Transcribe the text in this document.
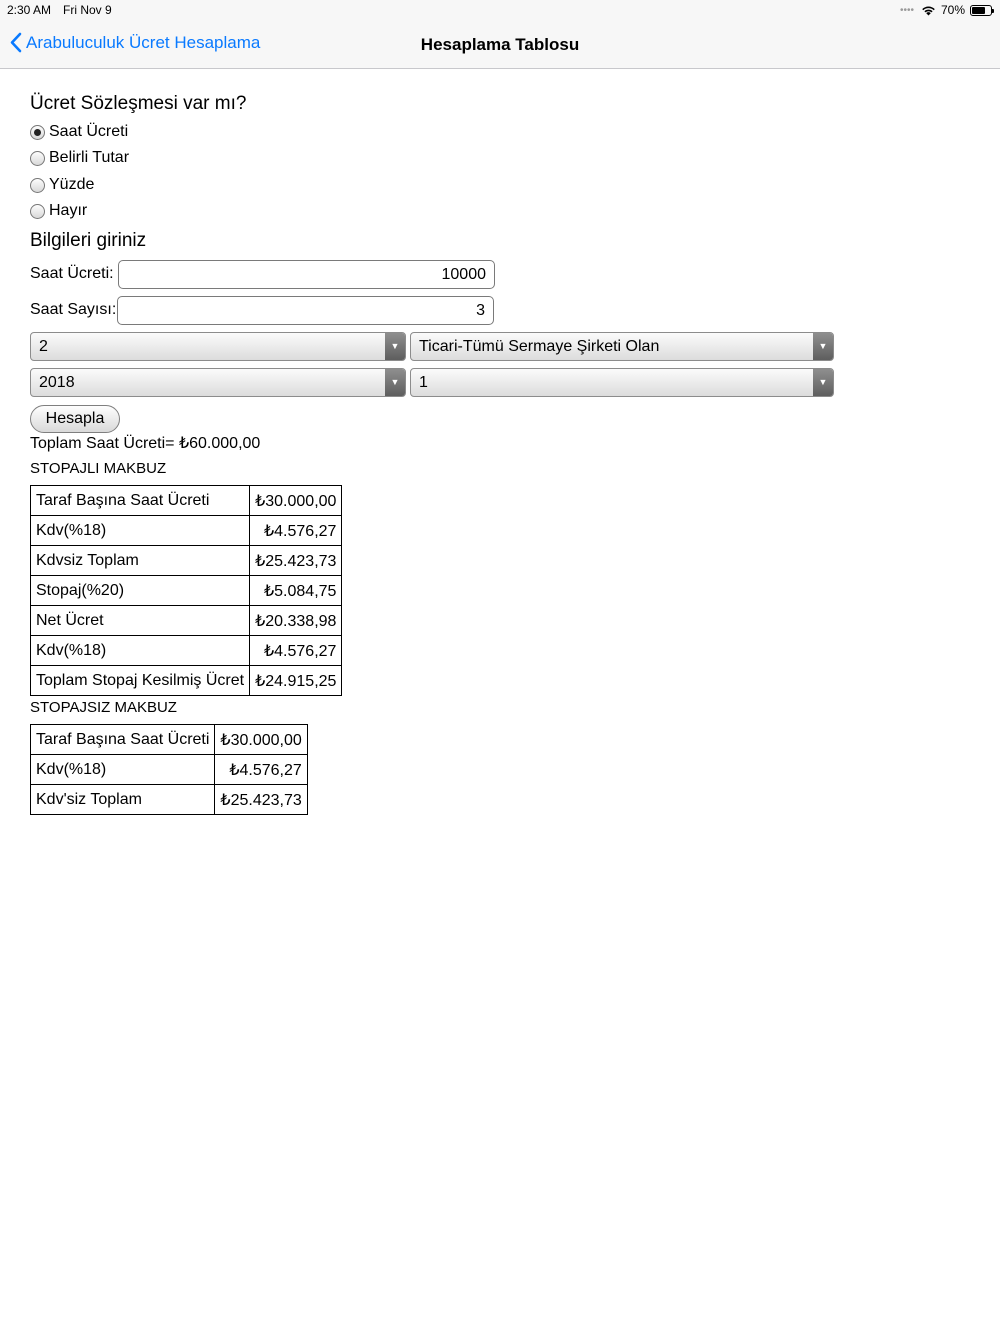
2:30 AM Fri Nov 9	•••• 70%
Arabuluculuk Ücret Hesaplama	Hesaplama Tablosu
Ücret Sözleşmesi var mı?
Saat Ücreti
Belirli Tutar
Yüzde
Hayır
Bilgileri giriniz
Saat Ücreti:	10000
Saat Sayısı:	3
2	▼	Ticari-Tümü Sermaye Şirketi Olan	▼
2018	▼	1	▼
Hesapla
Toplam Saat Ücreti= ₺60.000,00
STOPAJLI MAKBUZ
Taraf Başına Saat Ücreti	₺30.000,00
Kdv(%18)	₺4.576,27
Kdvsiz Toplam	₺25.423,73
Stopaj(%20)	₺5.084,75
Net Ücret	₺20.338,98
Kdv(%18)	₺4.576,27
Toplam Stopaj Kesilmiş Ücret	₺24.915,25
STOPAJSIZ MAKBUZ
Taraf Başına Saat Ücreti	₺30.000,00
Kdv(%18)	₺4.576,27
Kdv'siz Toplam	₺25.423,73
